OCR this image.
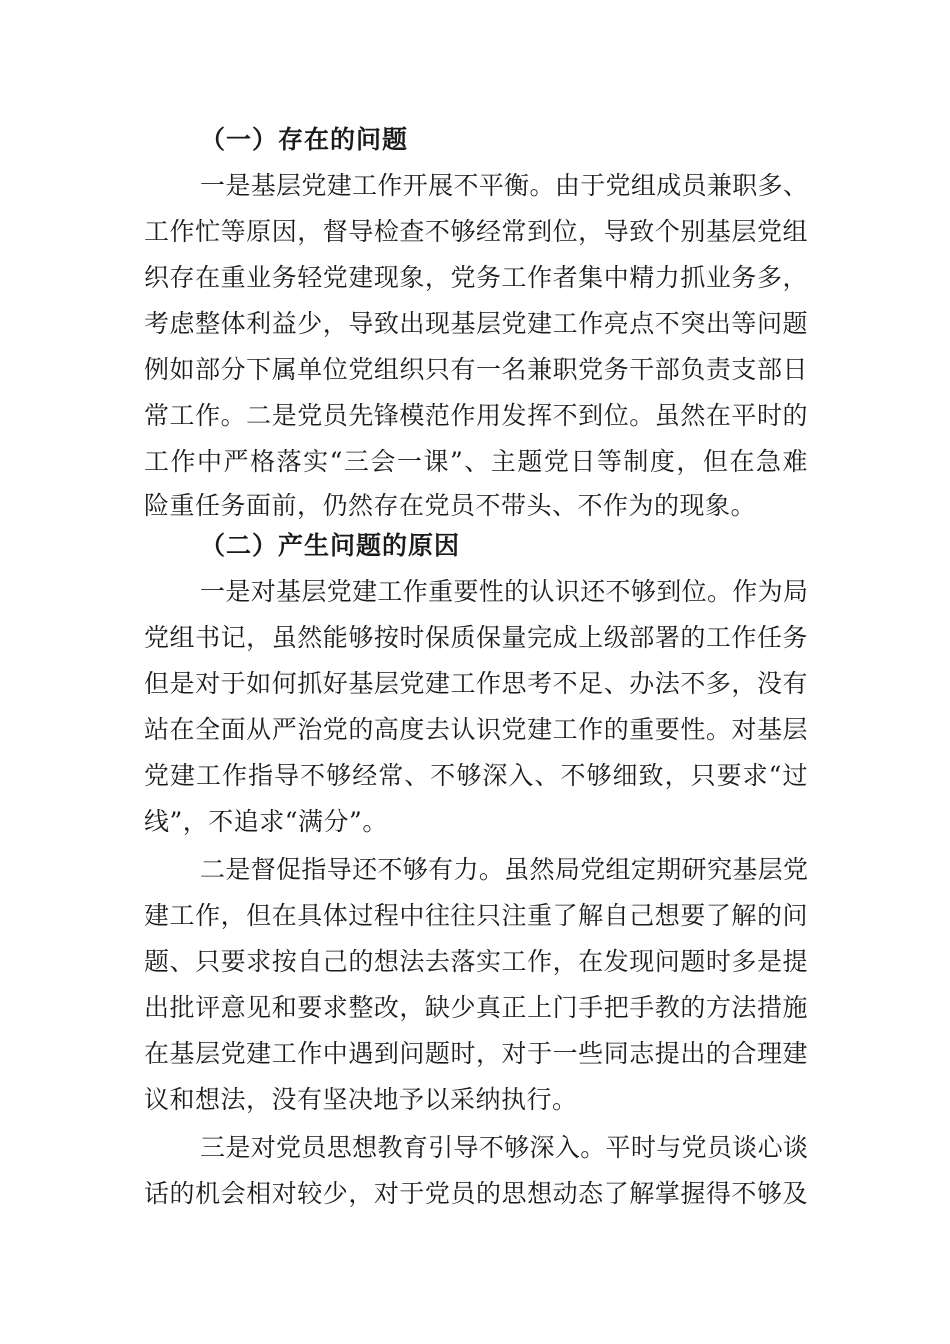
（一）存在的问题
一是基层党建工作开展不平衡。由于党组成员兼职多、
工作忙等原因，督导检查不够经常到位，导致个别基层党组
织存在重业务轻党建现象，党务工作者集中精力抓业务多，
考虑整体利益少，导致出现基层党建工作亮点不突出等问题
例如部分下属单位党组织只有一名兼职党务干部负责支部日
常工作。二是党员先锋模范作用发挥不到位。虽然在平时的
工作中严格落实“三会一课”、主题党日等制度，但在急难
险重任务面前，仍然存在党员不带头、不作为的现象。
（二）产生问题的原因
一是对基层党建工作重要性的认识还不够到位。作为局
党组书记，虽然能够按时保质保量完成上级部署的工作任务
但是对于如何抓好基层党建工作思考不足、办法不多，没有
站在全面从严治党的高度去认识党建工作的重要性。对基层
党建工作指导不够经常、不够深入、不够细致，只要求“过
线”，不追求“满分”。
二是督促指导还不够有力。虽然局党组定期研究基层党
建工作，但在具体过程中往往只注重了解自己想要了解的问
题、只要求按自己的想法去落实工作，在发现问题时多是提
出批评意见和要求整改，缺少真正上门手把手教的方法措施
在基层党建工作中遇到问题时，对于一些同志提出的合理建
议和想法，没有坚决地予以采纳执行。
三是对党员思想教育引导不够深入。平时与党员谈心谈
话的机会相对较少，对于党员的思想动态了解掌握得不够及
